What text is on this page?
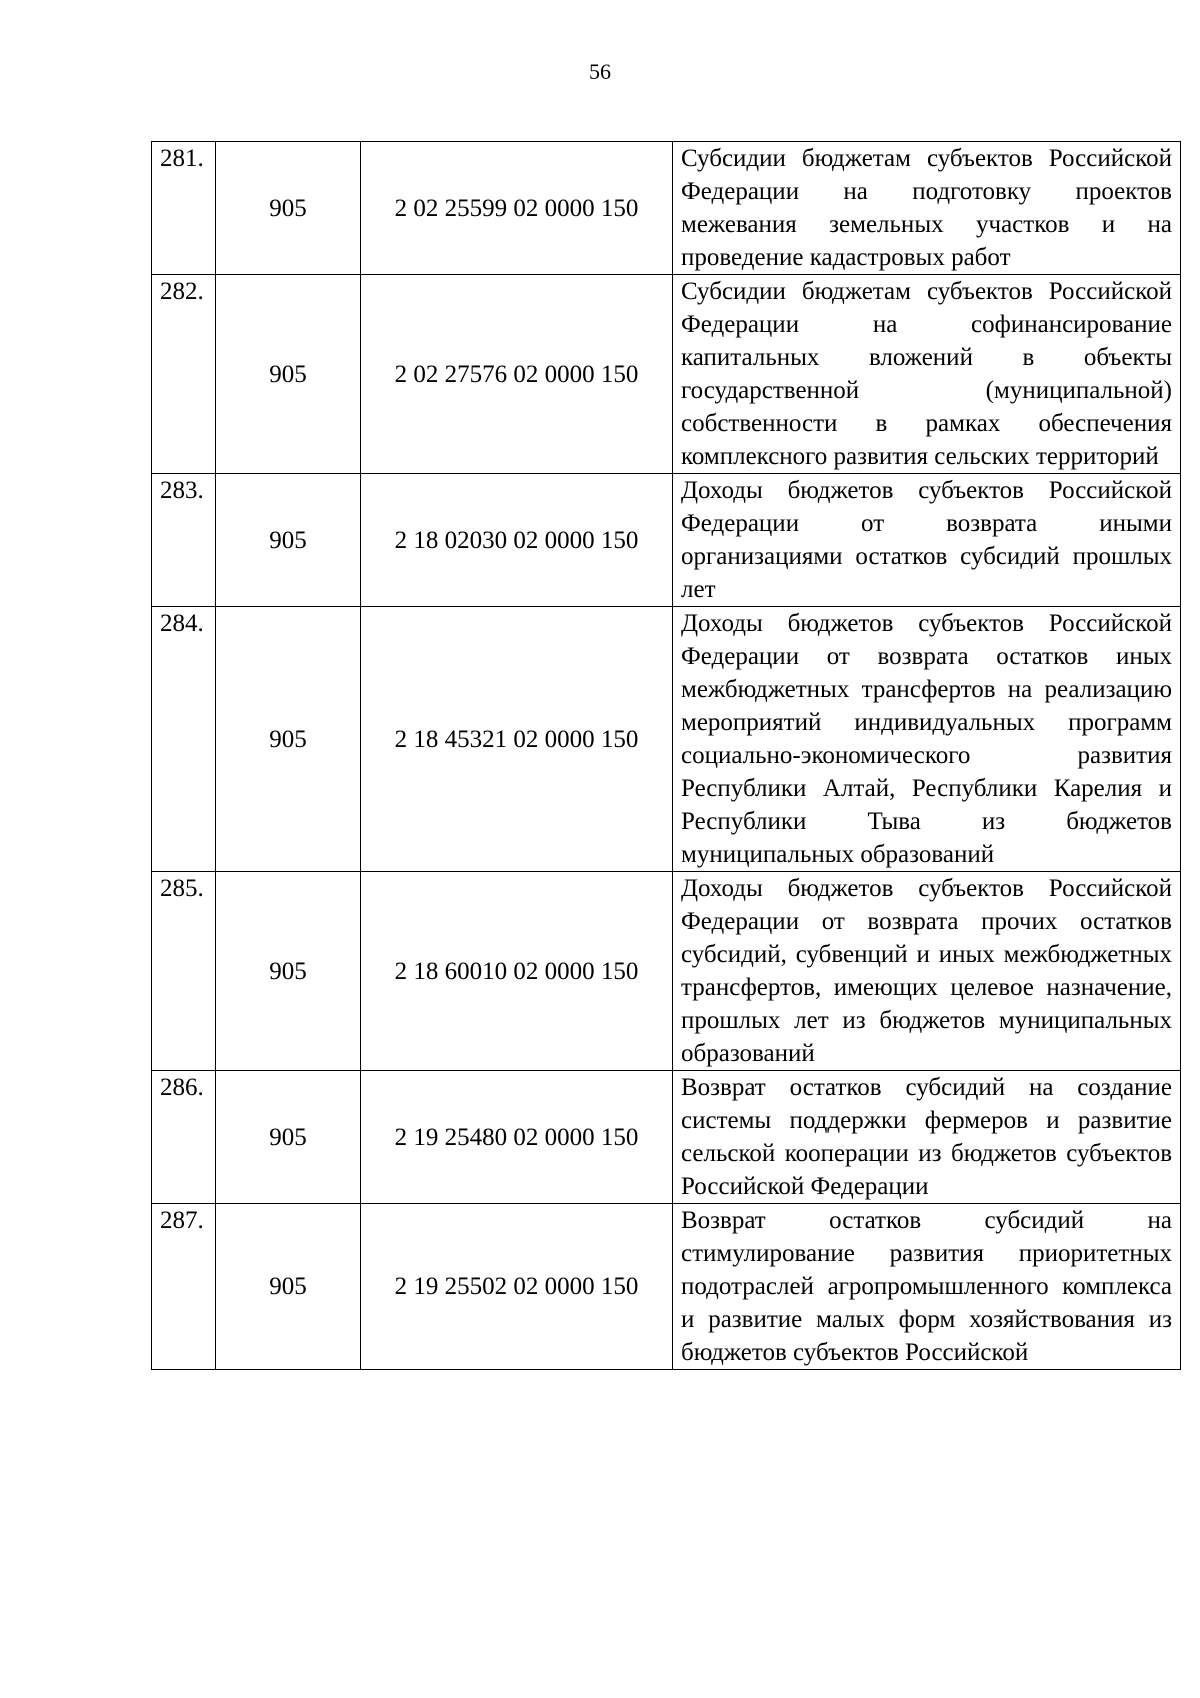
56
281.	905	2 02 25599 02 0000 150	Субсидии бюджетам субъектов Российской Федерации на подготовку проектов межевания земельных участков и на проведение кадастровых работ
282.	905	2 02 27576 02 0000 150	Субсидии бюджетам субъектов Российской Федерации на софинансирование капитальных вложений в объекты государственной (муниципальной) собственности в рамках обеспечения комплексного развития сельских территорий
283.	905	2 18 02030 02 0000 150	Доходы бюджетов субъектов Российской Федерации от возврата иными организациями остатков субсидий прошлых лет
284.	905	2 18 45321 02 0000 150	Доходы бюджетов субъектов Российской Федерации от возврата остатков иных межбюджетных трансфертов на реализацию мероприятий индивидуальных программ социально-экономического развития Республики Алтай, Республики Карелия и Республики Тыва из бюджетов муниципальных образований
285.	905	2 18 60010 02 0000 150	Доходы бюджетов субъектов Российской Федерации от возврата прочих остатков субсидий, субвенций и иных межбюджетных трансфертов, имеющих целевое назначение, прошлых лет из бюджетов муниципальных образований
286.	905	2 19 25480 02 0000 150	Возврат остатков субсидий на создание системы поддержки фермеров и развитие сельской кооперации из бюджетов субъектов Российской Федерации
287.	905	2 19 25502 02 0000 150	Возврат остатков субсидий на стимулирование развития приоритетных подотраслей агропромышленного комплекса и развитие малых форм хозяйствования из бюджетов субъектов Российской
